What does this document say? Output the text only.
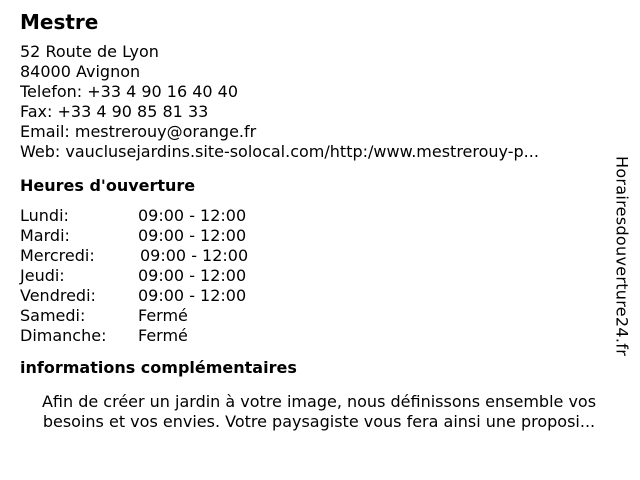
Mestre
52 Route de Lyon
84000 Avignon
Telefon: +33 4 90 16 40 40
Fax: +33 4 90 85 81 33
Email: mestrerouy@orange.fr
Web: vauclusejardins.site-solocal.com/http:/www.mestrerouy-p...
Heures d'ouverture
Lundi:	09:00 - 12:00
Mardi:	09:00 - 12:00
Mercredi:	09:00 - 12:00
Jeudi:	09:00 - 12:00
Vendredi:	09:00 - 12:00
Samedi:	Fermé
Dimanche:	Fermé
informations complémentaires
Afin de créer un jardin à votre image, nous définissons ensemble vos
besoins et vos envies. Votre paysagiste vous fera ainsi une proposi...
Horairesdouverture24.fr
